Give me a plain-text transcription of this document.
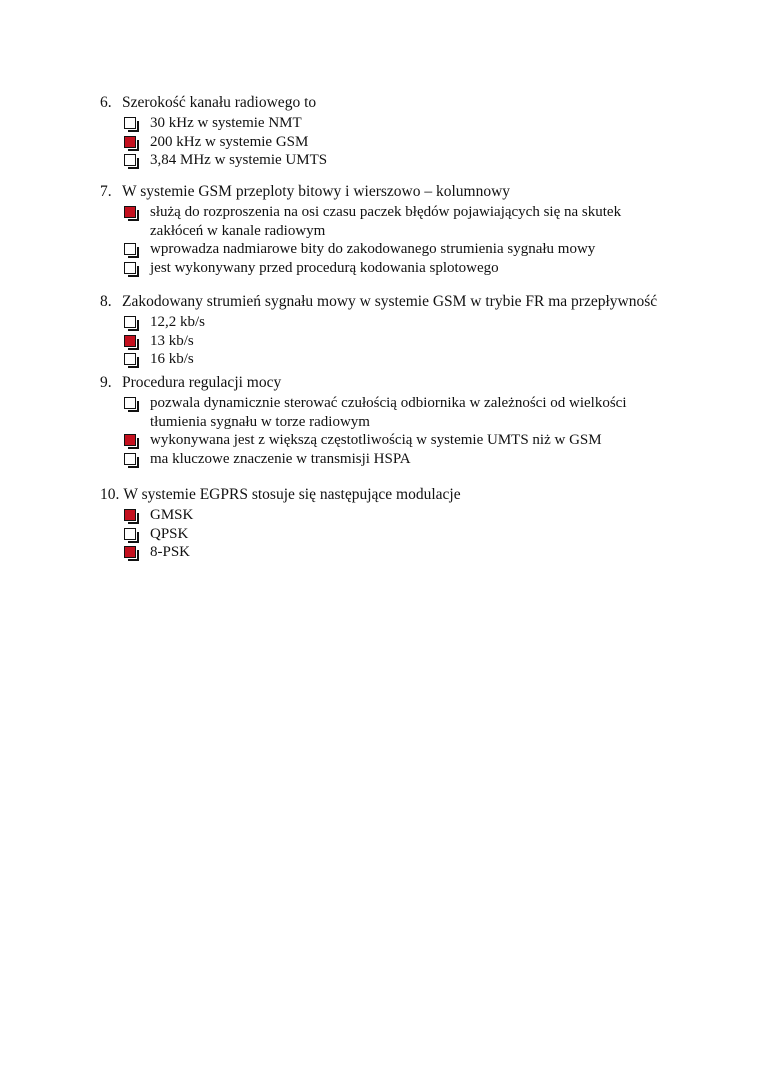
6. Szerokość kanału radiowego to
30 kHz w systemie NMT
200 kHz w systemie GSM
3,84 MHz w systemie UMTS
7. W systemie GSM przeploty bitowy i wierszowo – kolumnowy
służą do rozproszenia na osi czasu paczek błędów pojawiających się na skutek zakłóceń w kanale radiowym
wprowadza nadmiarowe bity do zakodowanego strumienia sygnału mowy
jest wykonywany przed procedurą kodowania splotowego
8. Zakodowany strumień sygnału mowy w systemie GSM w trybie FR ma przepływność
12,2 kb/s
13 kb/s
16 kb/s
9. Procedura regulacji mocy
pozwala dynamicznie sterować czułością odbiornika w zależności od wielkości tłumienia sygnału w torze radiowym
wykonywana jest z większą częstotliwością w systemie UMTS niż w GSM
ma kluczowe znaczenie w transmisji HSPA
10. W systemie EGPRS stosuje się następujące modulacje
GMSK
QPSK
8-PSK
